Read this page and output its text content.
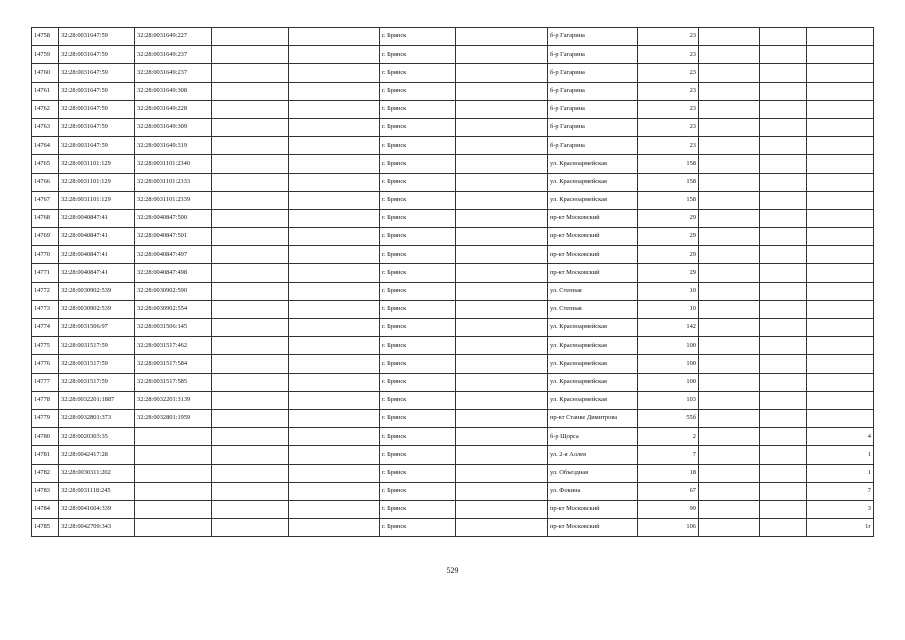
14758	32:28:0031647:59	32:28:0031649:227			г. Брянск		б-р Гагарина	23			
14759	32:28:0031647:59	32:28:0031649:237			г. Брянск		б-р Гагарина	23			
14760	32:28:0031647:59	32:28:0031649:237			г. Брянск		б-р Гагарина	23			
14761	32:28:0031647:59	32:28:0031649:308			г. Брянск		б-р Гагарина	23			
14762	32:28:0031647:59	32:28:0031649:228			г. Брянск		б-р Гагарина	23			
14763	32:28:0031647:59	32:28:0031649:309			г. Брянск		б-р Гагарина	23			
14764	32:28:0031647:59	32:28:0031649:319			г. Брянск		б-р Гагарина	23			
14765	32:28:0031101:129	32:28:0031101:2340			г. Брянск		ул. Красноармейская	158			
14766	32:28:0031101:129	32:28:0031101:2333			г. Брянск		ул. Красноармейская	158			
14767	32:28:0031101:129	32:28:0031101:2339			г. Брянск		ул. Красноармейская	158			
14768	32:28:0040847:41	32:28:0040847:500			г. Брянск		пр-кт Московский	29			
14769	32:28:0040847:41	32:28:0040847:501			г. Брянск		пр-кт Московский	29			
14770	32:28:0040847:41	32:28:0040847:497			г. Брянск		пр-кт Московский	29			
14771	32:28:0040847:41	32:28:0040847:498			г. Брянск		пр-кт Московский	29			
14772	32:28:0030902:539	32:28:0030902:590			г. Брянск		ул. Степная	10			
14773	32:28:0030902:539	32:28:0030902:554			г. Брянск		ул. Степная	10			
14774	32:28:0031506:97	32:28:0031506:145			г. Брянск		ул. Красноармейская	142			
14775	32:28:0031517:59	32:28:0031517:462			г. Брянск		ул. Красноармейская	100			
14776	32:28:0031517:59	32:28:0031517:584			г. Брянск		ул. Красноармейская	100			
14777	32:28:0031517:59	32:28:0031517:585			г. Брянск		ул. Красноармейская	100			
14778	32:28:0032201:1887	32:28:0032201:3139			г. Брянск		ул. Красноармейская	103			
14779	32:28:0032801:373	32:28:0032801:1959			г. Брянск		пр-кт Станке Димитрова	55б			
14780	32:28:0020303:35				г. Брянск		б-р Щорса	2			4
14781	32:28:0042417:28				г. Брянск		ул. 2-я Аллея	7			1
14782	32:28:0030311:202				г. Брянск		ул. Объездная	18			1
14783	32:28:0031118:245				г. Брянск		ул. Фокина	67			7
14784	32:28:0041604:339				г. Брянск		пр-кт Московский	99			3
14785	32:28:0042709:343				г. Брянск		пр-кт Московский	106			1г
529
